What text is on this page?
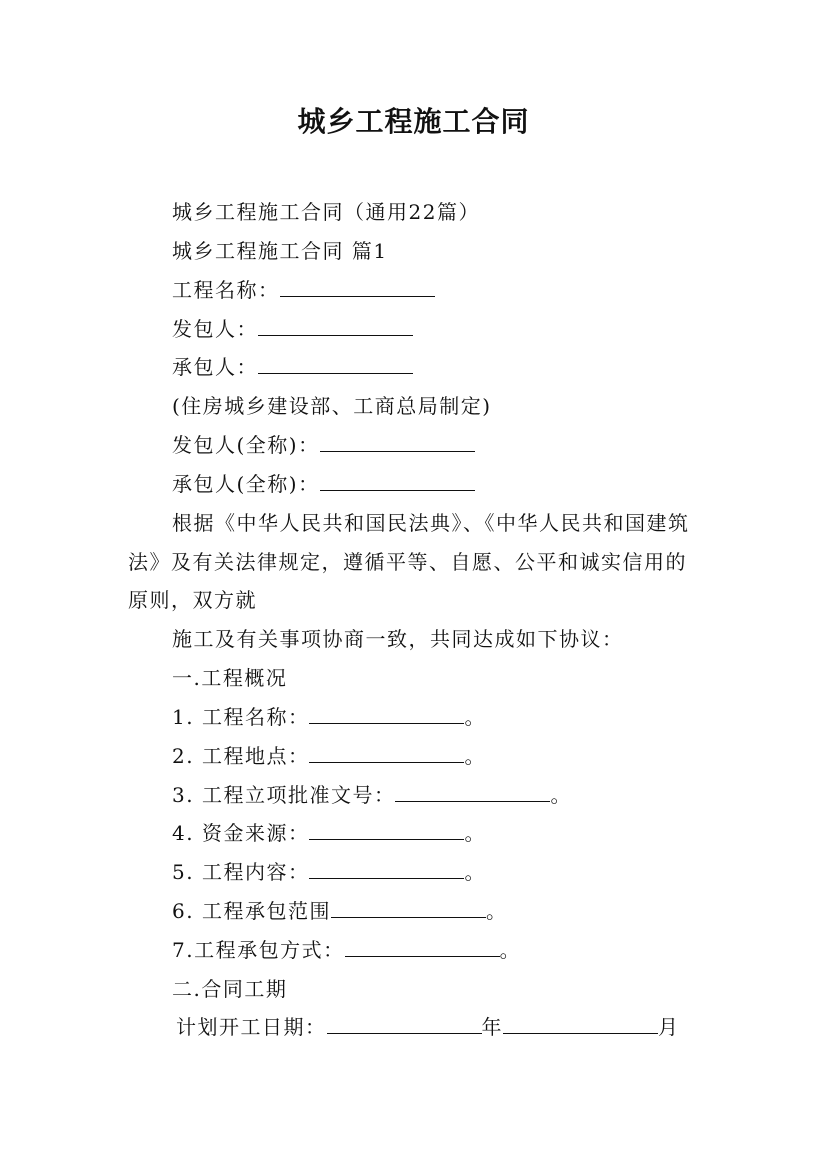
城乡工程施工合同
城乡工程施工合同（通用22篇）
城乡工程施工合同 篇1
工程名称：
发包人：
承包人：
(住房城乡建设部、工商总局制定)
发包人(全称)：
承包人(全称)：
根据《中华人民共和国民法典》、《中华人民共和国建筑
法》及有关法律规定，遵循平等、自愿、公平和诚实信用的
原则，双方就
施工及有关事项协商一致，共同达成如下协议：
一.工程概况
1. 工程名称：	。
2. 工程地点：	。
3. 工程立项批准文号：	。
4. 资金来源：	。
5. 工程内容：	。
6. 工程承包范围	。
7.工程承包方式：	。
二.合同工期
计划开工日期：	年	月
